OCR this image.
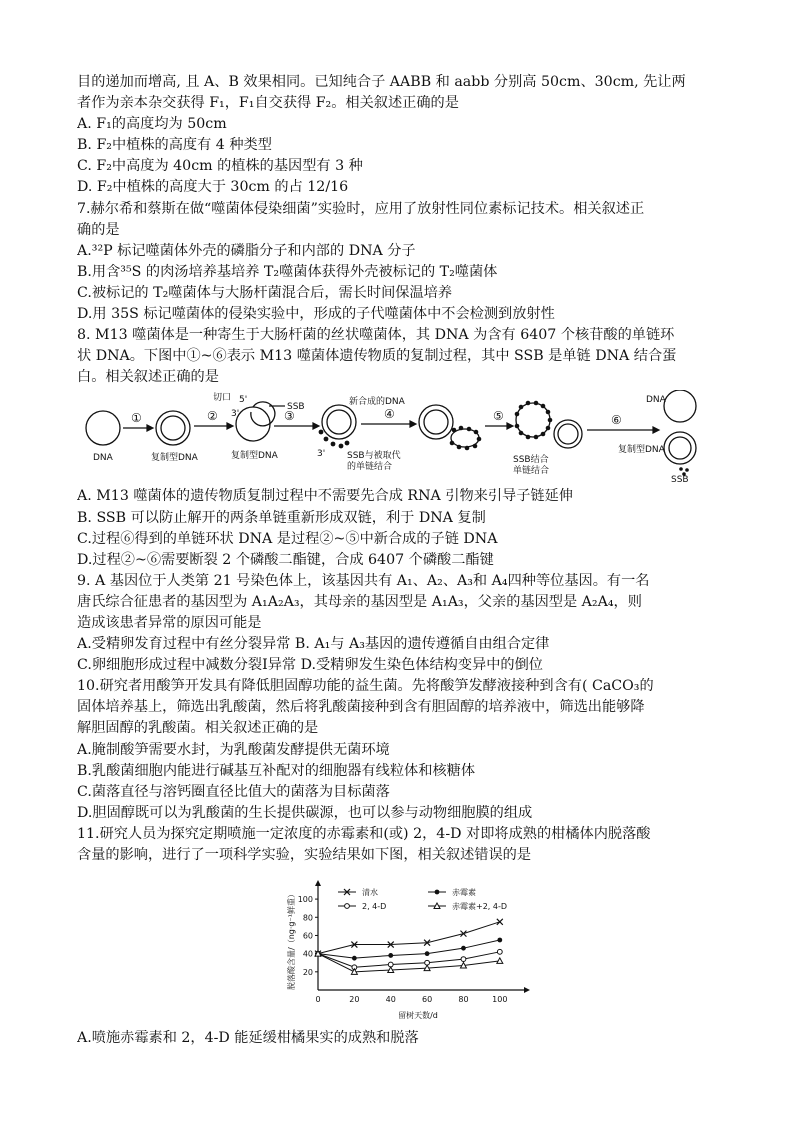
目的递加而增高, 且 A、B 效果相同。已知纯合子 AABB 和 aabb 分别高 50cm、30cm, 先让两
者作为亲本杂交获得 F₁，F₁自交获得 F₂。相关叙述正确的是
A. F₁的高度均为 50cm
B. F₂中植株的高度有 4 种类型
C. F₂中高度为 40cm 的植株的基因型有 3 种
D. F₂中植株的高度大于 30cm 的占 12/16
7.赫尔希和蔡斯在做“噬菌体侵染细菌”实验时，应用了放射性同位素标记技术。相关叙述正
确的是
A.³²P 标记噬菌体外壳的磷脂分子和内部的 DNA 分子
B.用含³⁵S 的肉汤培养基培养 T₂噬菌体获得外壳被标记的 T₂噬菌体
C.被标记的 T₂噬菌体与大肠杆菌混合后，需长时间保温培养
D.用 35S 标记噬菌体的侵染实验中，形成的子代噬菌体中不会检测到放射性
8. M13 噬菌体是一种寄生于大肠杆菌的丝状噬菌体，其 DNA 为含有 6407 个核苷酸的单链环
状 DNA。下图中①~⑥表示 M13 噬菌体遗传物质的复制过程，其中 SSB 是单链 DNA 结合蛋
白。相关叙述正确的是
DNA
①
复制型DNA
②
切口 5'
3'
SSB
复制型DNA
③
新合成的DNA
3' SSB与被取代
的单链结合
④	⑤
SSB结合
单链结合
⑥
DNA
复制型DNA
SSB
A. M13 噬菌体的遗传物质复制过程中不需要先合成 RNA 引物来引导子链延伸
B. SSB 可以防止解开的两条单链重新形成双链，利于 DNA 复制
C.过程⑥得到的单链环状 DNA 是过程②~⑤中新合成的子链 DNA
D.过程②~⑥需要断裂 2 个磷酸二酯键，合成 6407 个磷酸二酯键
9. A 基因位于人类第 21 号染色体上，该基因共有 A₁、A₂、A₃和 A₄四种等位基因。有一名
唐氏综合征患者的基因型为 A₁A₂A₃，其母亲的基因型是 A₁A₃，父亲的基因型是 A₂A₄，则
造成该患者异常的原因可能是
A.受精卵发育过程中有丝分裂异常 B. A₁与 A₃基因的遗传遵循自由组合定律
C.卵细胞形成过程中减数分裂Ⅰ异常 D.受精卵发生染色体结构变异中的倒位
10.研究者用酸笋开发具有降低胆固醇功能的益生菌。先将酸笋发酵液接种到含有( CaCO₃的
固体培养基上，筛选出乳酸菌，然后将乳酸菌接种到含有胆固醇的培养液中，筛选出能够降
解胆固醇的乳酸菌。相关叙述正确的是
A.腌制酸笋需要水封，为乳酸菌发酵提供无菌环境
B.乳酸菌细胞内能进行碱基互补配对的细胞器有线粒体和核糖体
C.菌落直径与溶钙圈直径比值大的菌落为目标菌落
D.胆固醇既可以为乳酸菌的生长提供碳源，也可以参与动物细胞膜的组成
11.研究人员为探究定期喷施一定浓度的赤霉素和(或) 2，4-D 对即将成熟的柑橘体内脱落酸
含量的影响，进行了一项科学实验，实验结果如下图，相关叙述错误的是
0	20	40	60	80	100
20
40
60
80
100
留树天数/d
脱落酸含量/（ng·g⁻¹鲜重）	清水	赤霉素
2, 4-D	赤霉素+2, 4-D
A.喷施赤霉素和 2，4-D 能延缓柑橘果实的成熟和脱落
